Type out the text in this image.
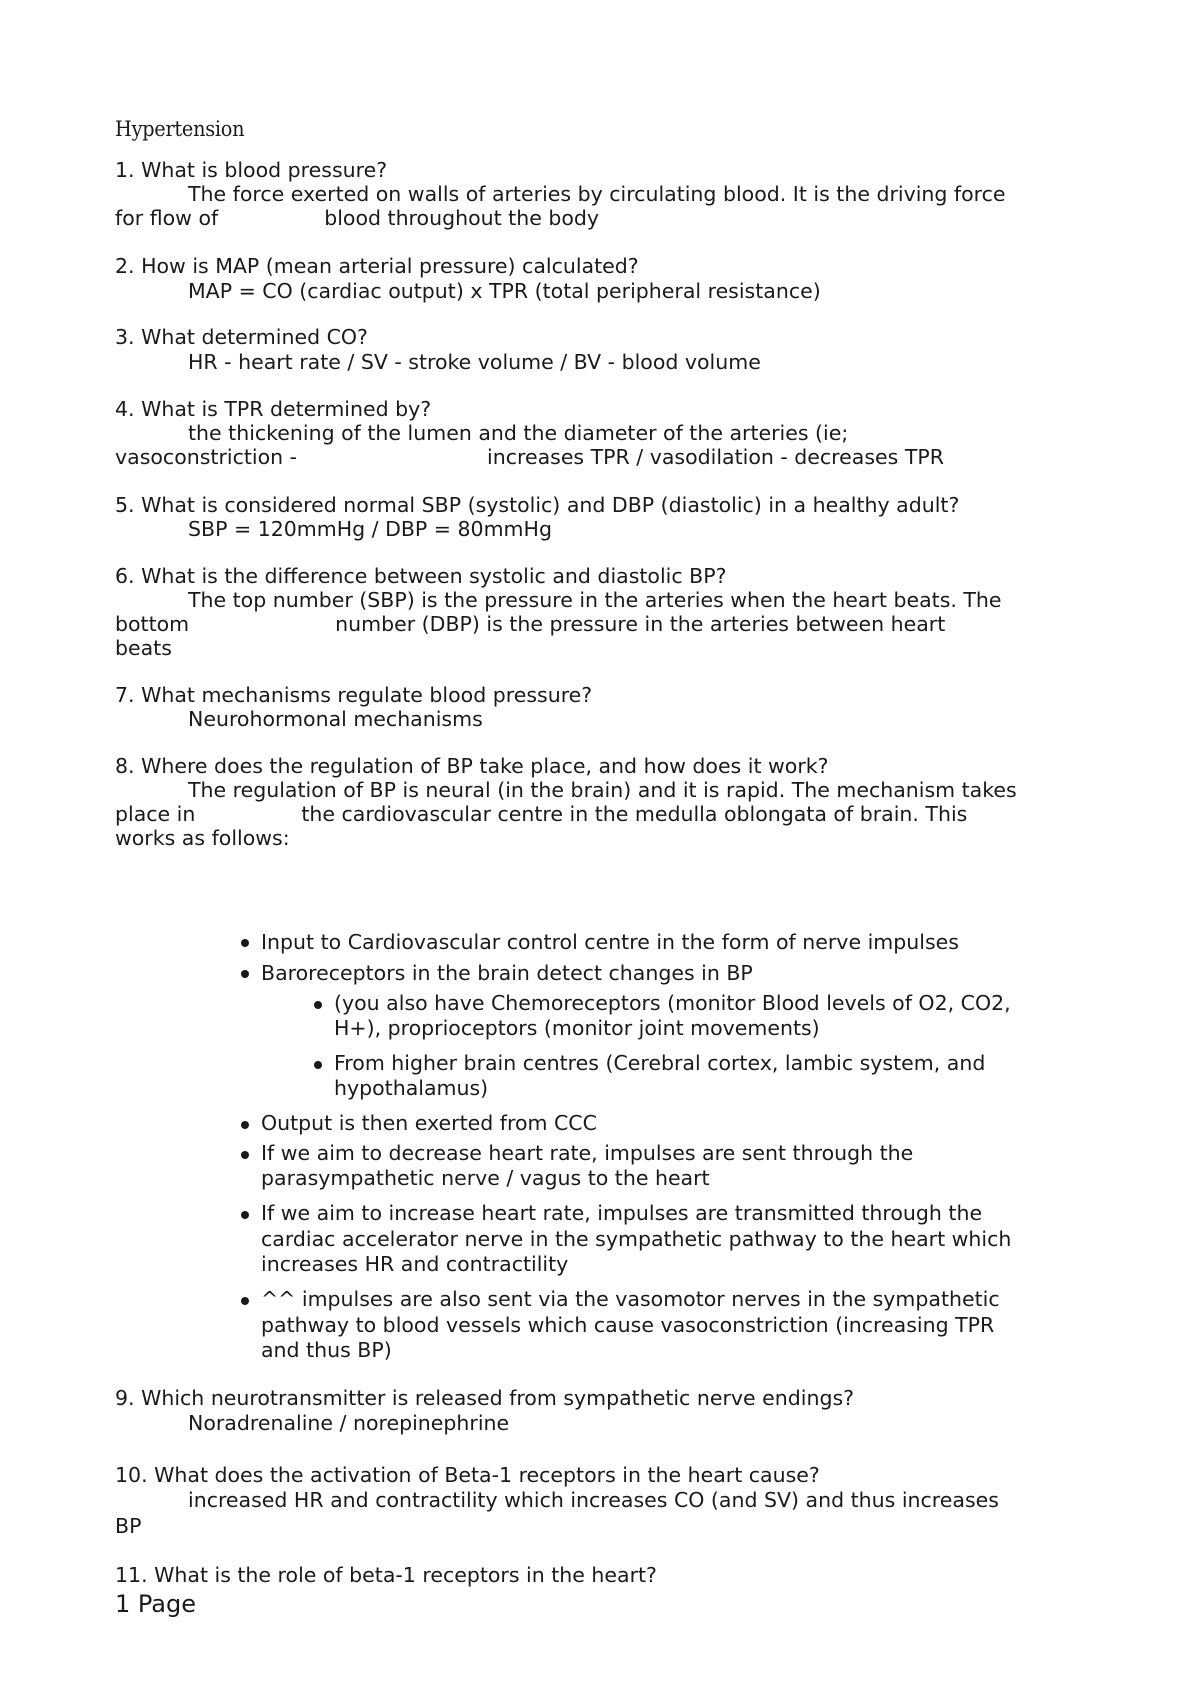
Hypertension
1. What is blood pressure?
The force exerted on walls of arteries by circulating blood. It is the driving force
for flow of	blood throughout the body
2. How is MAP (mean arterial pressure) calculated?
MAP = CO (cardiac output) x TPR (total peripheral resistance)
3. What determined CO?
HR - heart rate / SV - stroke volume / BV - blood volume
4. What is TPR determined by?
the thickening of the lumen and the diameter of the arteries (ie;
vasoconstriction -	increases TPR / vasodilation - decreases TPR
5. What is considered normal SBP (systolic) and DBP (diastolic) in a healthy adult?
SBP = 120mmHg / DBP = 80mmHg
6. What is the difference between systolic and diastolic BP?
The top number (SBP) is the pressure in the arteries when the heart beats. The
bottom	number (DBP) is the pressure in the arteries between heart
beats
7. What mechanisms regulate blood pressure?
Neurohormonal mechanisms
8. Where does the regulation of BP take place, and how does it work?
The regulation of BP is neural (in the brain) and it is rapid. The mechanism takes
place in	the cardiovascular centre in the medulla oblongata of brain. This
works as follows:
Input to Cardiovascular control centre in the form of nerve impulses
Baroreceptors in the brain detect changes in BP
(you also have Chemoreceptors (monitor Blood levels of O2, CO2,
H+), proprioceptors (monitor joint movements)
From higher brain centres (Cerebral cortex, lambic system, and
hypothalamus)
Output is then exerted from CCC
If we aim to decrease heart rate, impulses are sent through the
parasympathetic nerve / vagus to the heart
If we aim to increase heart rate, impulses are transmitted through the
cardiac accelerator nerve in the sympathetic pathway to the heart which
increases HR and contractility
^^ impulses are also sent via the vasomotor nerves in the sympathetic
pathway to blood vessels which cause vasoconstriction (increasing TPR
and thus BP)
9. Which neurotransmitter is released from sympathetic nerve endings?
Noradrenaline / norepinephrine
10. What does the activation of Beta-1 receptors in the heart cause?
increased HR and contractility which increases CO (and SV) and thus increases
BP
11. What is the role of beta-1 receptors in the heart?
1 Page
